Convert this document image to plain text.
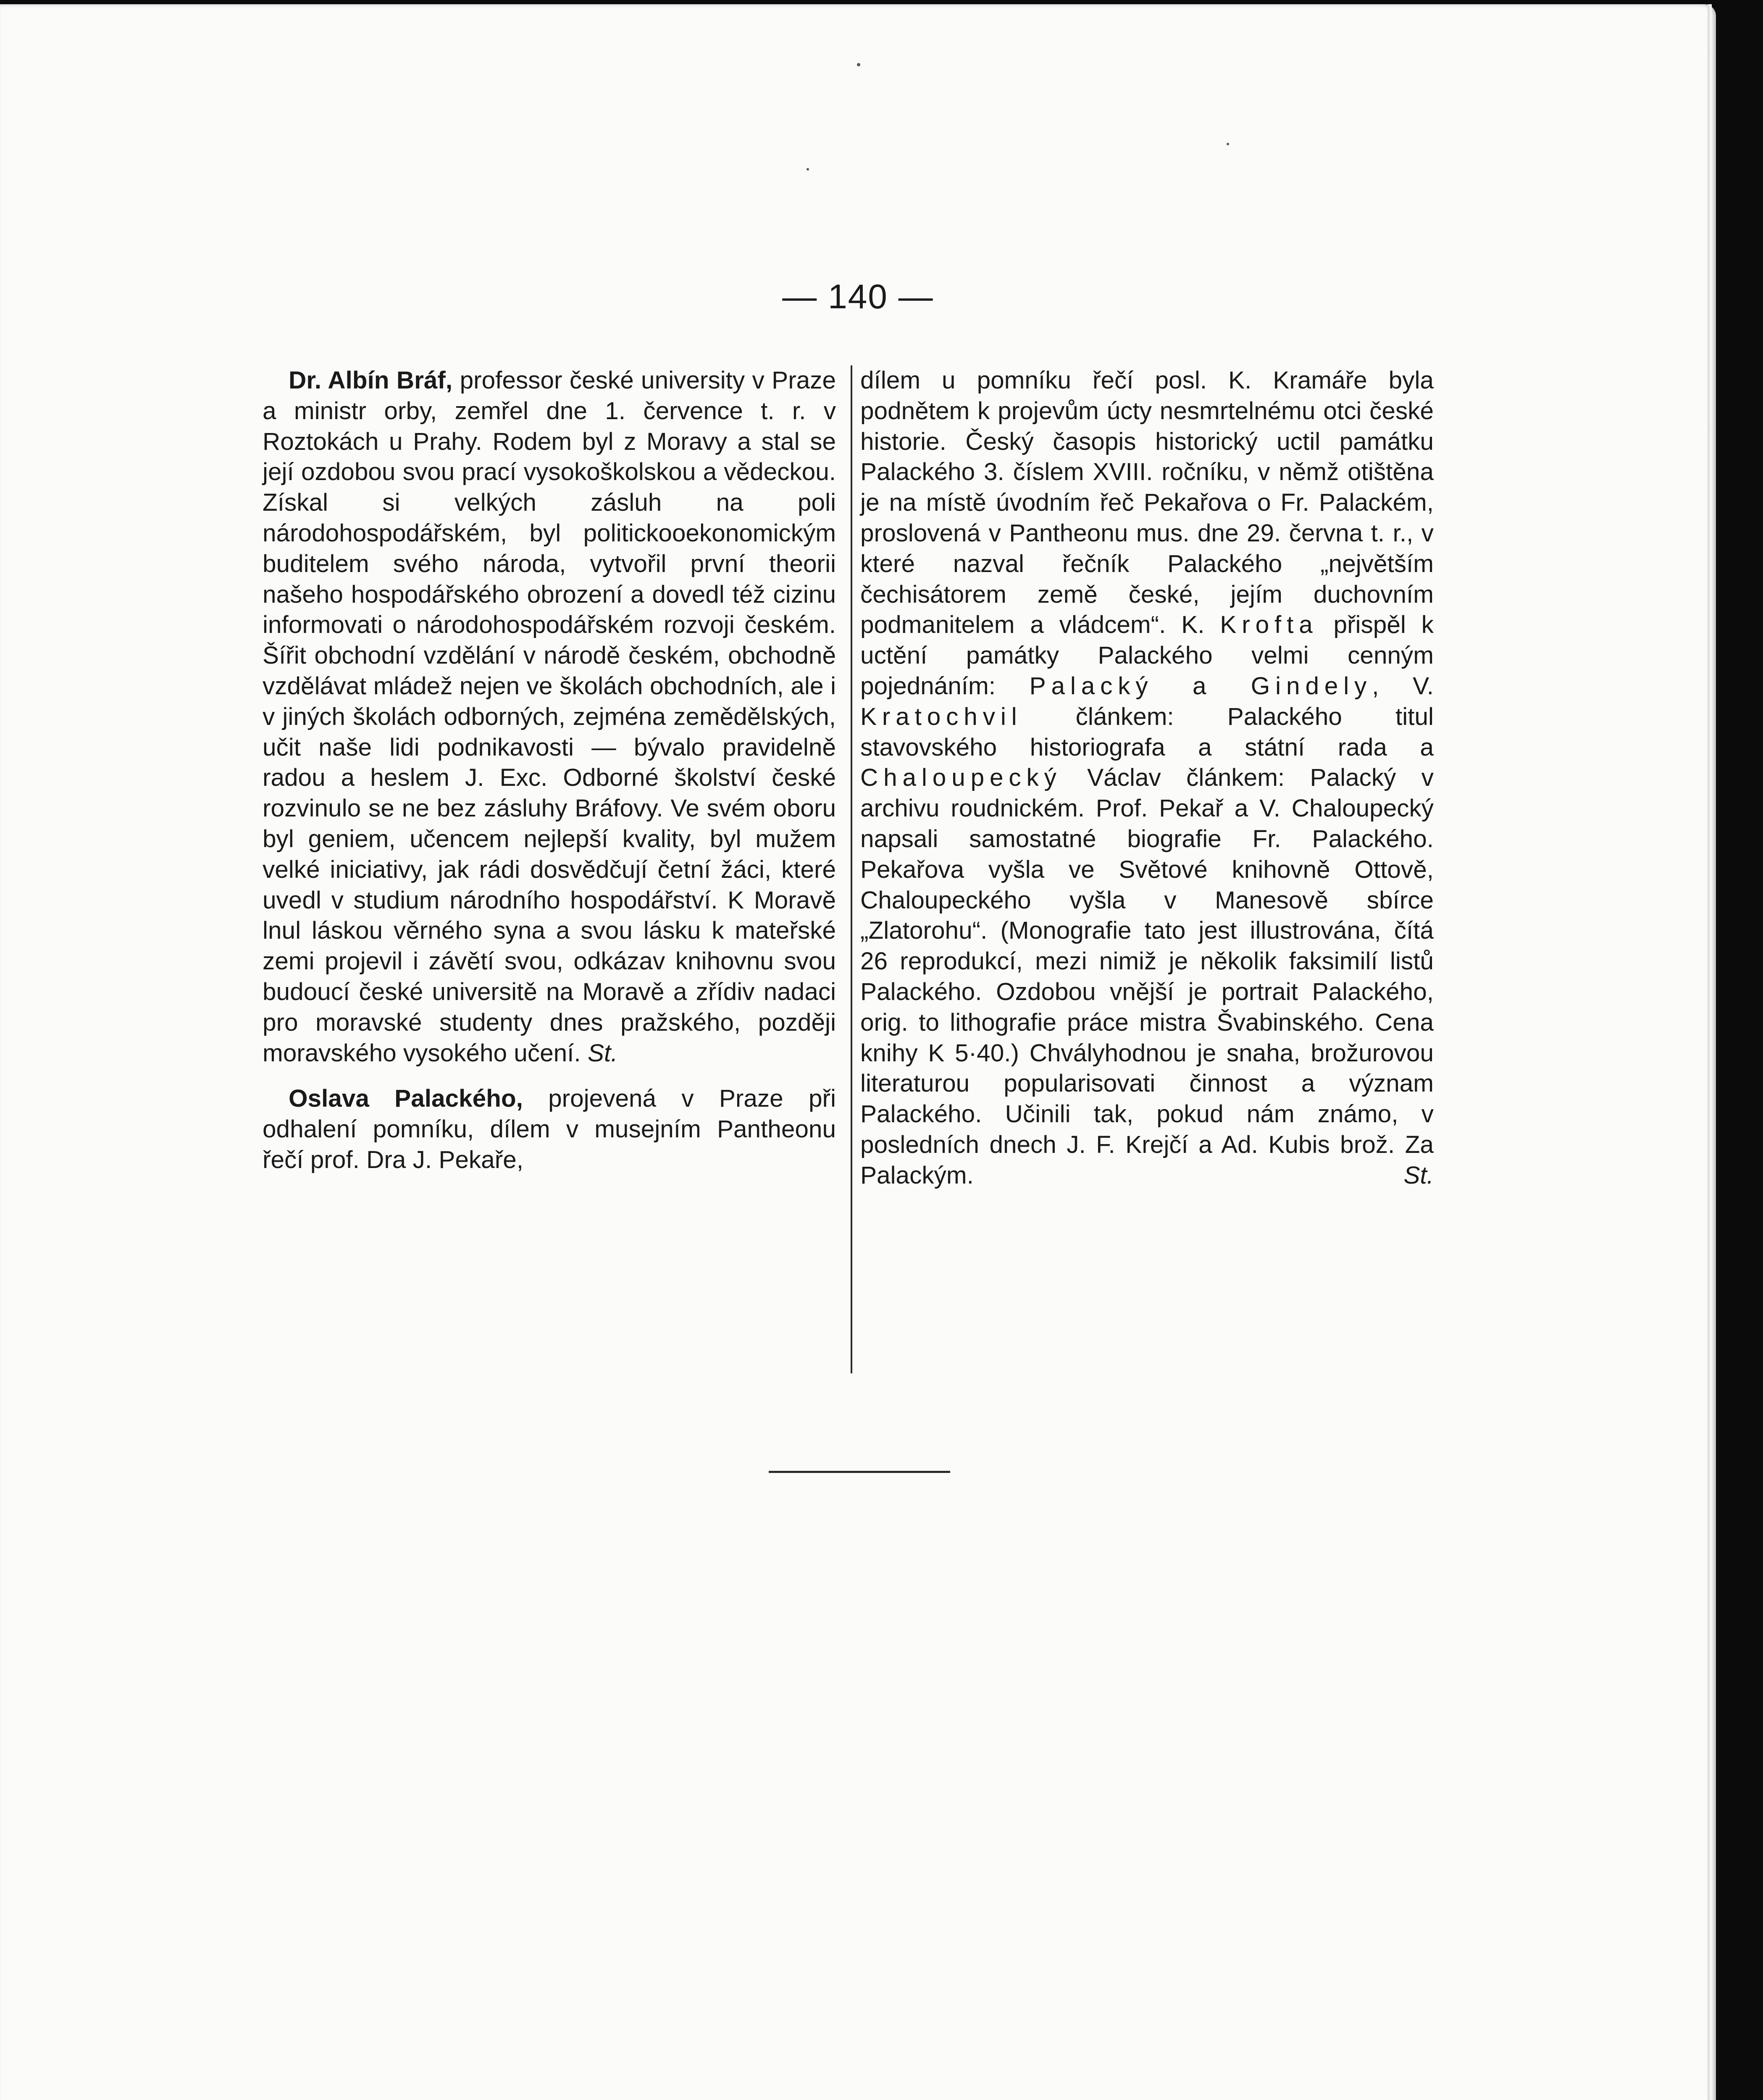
— 140 —

Dr. Albín Bráf, professor české university v Praze a ministr orby, zemřel dne 1. července t. r. v Roztokách u Prahy. Rodem byl z Moravy a stal se její ozdobou svou prací vysokoškolskou a vědeckou. Získal si velkých zásluh na poli národohospodářském, byl politickooekonomickým buditelem svého národa, vytvořil první theorii našeho hospodářského obrození a dovedl též cizinu informovati o národohospodářském rozvoji českém. Šířit obchodní vzdělání v národě českém, obchodně vzdělávat mládež nejen ve školách obchodních, ale i v jiných školách odborných, zejména zemědělských, učit naše lidi podnikavosti — bývalo pravidelně radou a heslem J. Exc. Odborné školství české rozvinulo se ne bez zásluhy Bráfovy. Ve svém oboru byl geniem, učencem nejlepší kvality, byl mužem velké iniciativy, jak rádi dosvědčují četní žáci, které uvedl v studium národního hospodářství. K Moravě lnul láskou věrného syna a svou lásku k mateřské zemi projevil i závětí svou, odkázav knihovnu svou budoucí české universitě na Moravě a zřídiv nadaci pro moravské studenty dnes pražského, později moravského vysokého učení. St.

Oslava Palackého, projevená v Praze při odhalení pomníku, dílem v musejním Pantheonu řečí prof. Dra J. Pekaře,

dílem u pomníku řečí posl. K. Kramáře byla podnětem k projevům úcty nesmrtelnému otci české historie. Český časopis historický uctil památku Palackého 3. číslem XVIII. ročníku, v němž otištěna je na místě úvodním řeč Pekařova o Fr. Palackém, proslovená v Pantheonu mus. dne 29. června t. r., v které nazval řečník Palackého „největším čechisátorem země české, jejím duchovním podmanitelem a vládcem“. K. Krofta přispěl k uctění památky Palackého velmi cenným pojednáním: Palacký a Gindely, V. Kratochvil článkem: Palackého titul stavovského historiografa a státní rada a Chaloupecký Václav článkem: Palacký v archivu roudnickém. Prof. Pekař a V. Chaloupecký napsali samostatné biografie Fr. Palackého. Pekařova vyšla ve Světové knihovně Ottově, Chaloupeckého vyšla v Manesově sbírce „Zlatorohu“. (Monografie tato jest illustrována, čítá 26 reprodukcí, mezi nimiž je několik faksimilí listů Palackého. Ozdobou vnější je portrait Palackého, orig. to lithografie práce mistra Švabinského. Cena knihy K 5·40.) Chvályhodnou je snaha, brožurovou literaturou popularisovati činnost a význam Palackého. Učinili tak, pokud nám známo, v posledních dnech J. F. Krejčí a Ad. Kubis brož. Za Palackým.	St.
